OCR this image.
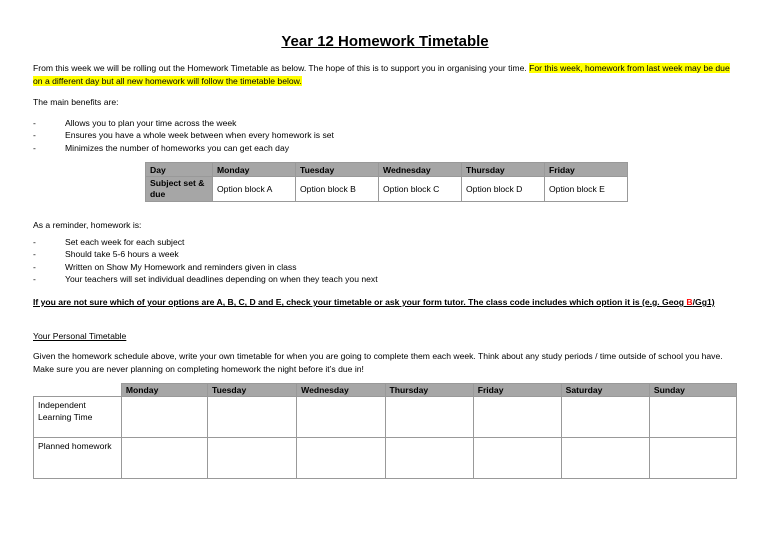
Year 12 Homework Timetable
From this week we will be rolling out the Homework Timetable as below. The hope of this is to support you in organising your time. For this week, homework from last week may be due on a different day but all new homework will follow the timetable below.
The main benefits are:
- Allows you to plan your time across the week
- Ensures you have a whole week between when every homework is set
- Minimizes the number of homeworks you can get each day
Day	Monday	Tuesday	Wednesday	Thursday	Friday
Subject set & due	Option block A	Option block B	Option block C	Option block D	Option block E
As a reminder, homework is:
- Set each week for each subject
- Should take 5-6 hours a week
- Written on Show My Homework and reminders given in class
- Your teachers will set individual deadlines depending on when they teach you next
If you are not sure which of your options are A, B, C, D and E, check your timetable or ask your form tutor. The class code includes which option it is (e.g. Geog B/Gg1)
Your Personal Timetable
Given the homework schedule above, write your own timetable for when you are going to complete them each week. Think about any study periods / time outside of school you have. Make sure you are never planning on completing homework the night before it’s due in!
	Monday	Tuesday	Wednesday	Thursday	Friday	Saturday	Sunday
Independent Learning Time							
Planned homework							
